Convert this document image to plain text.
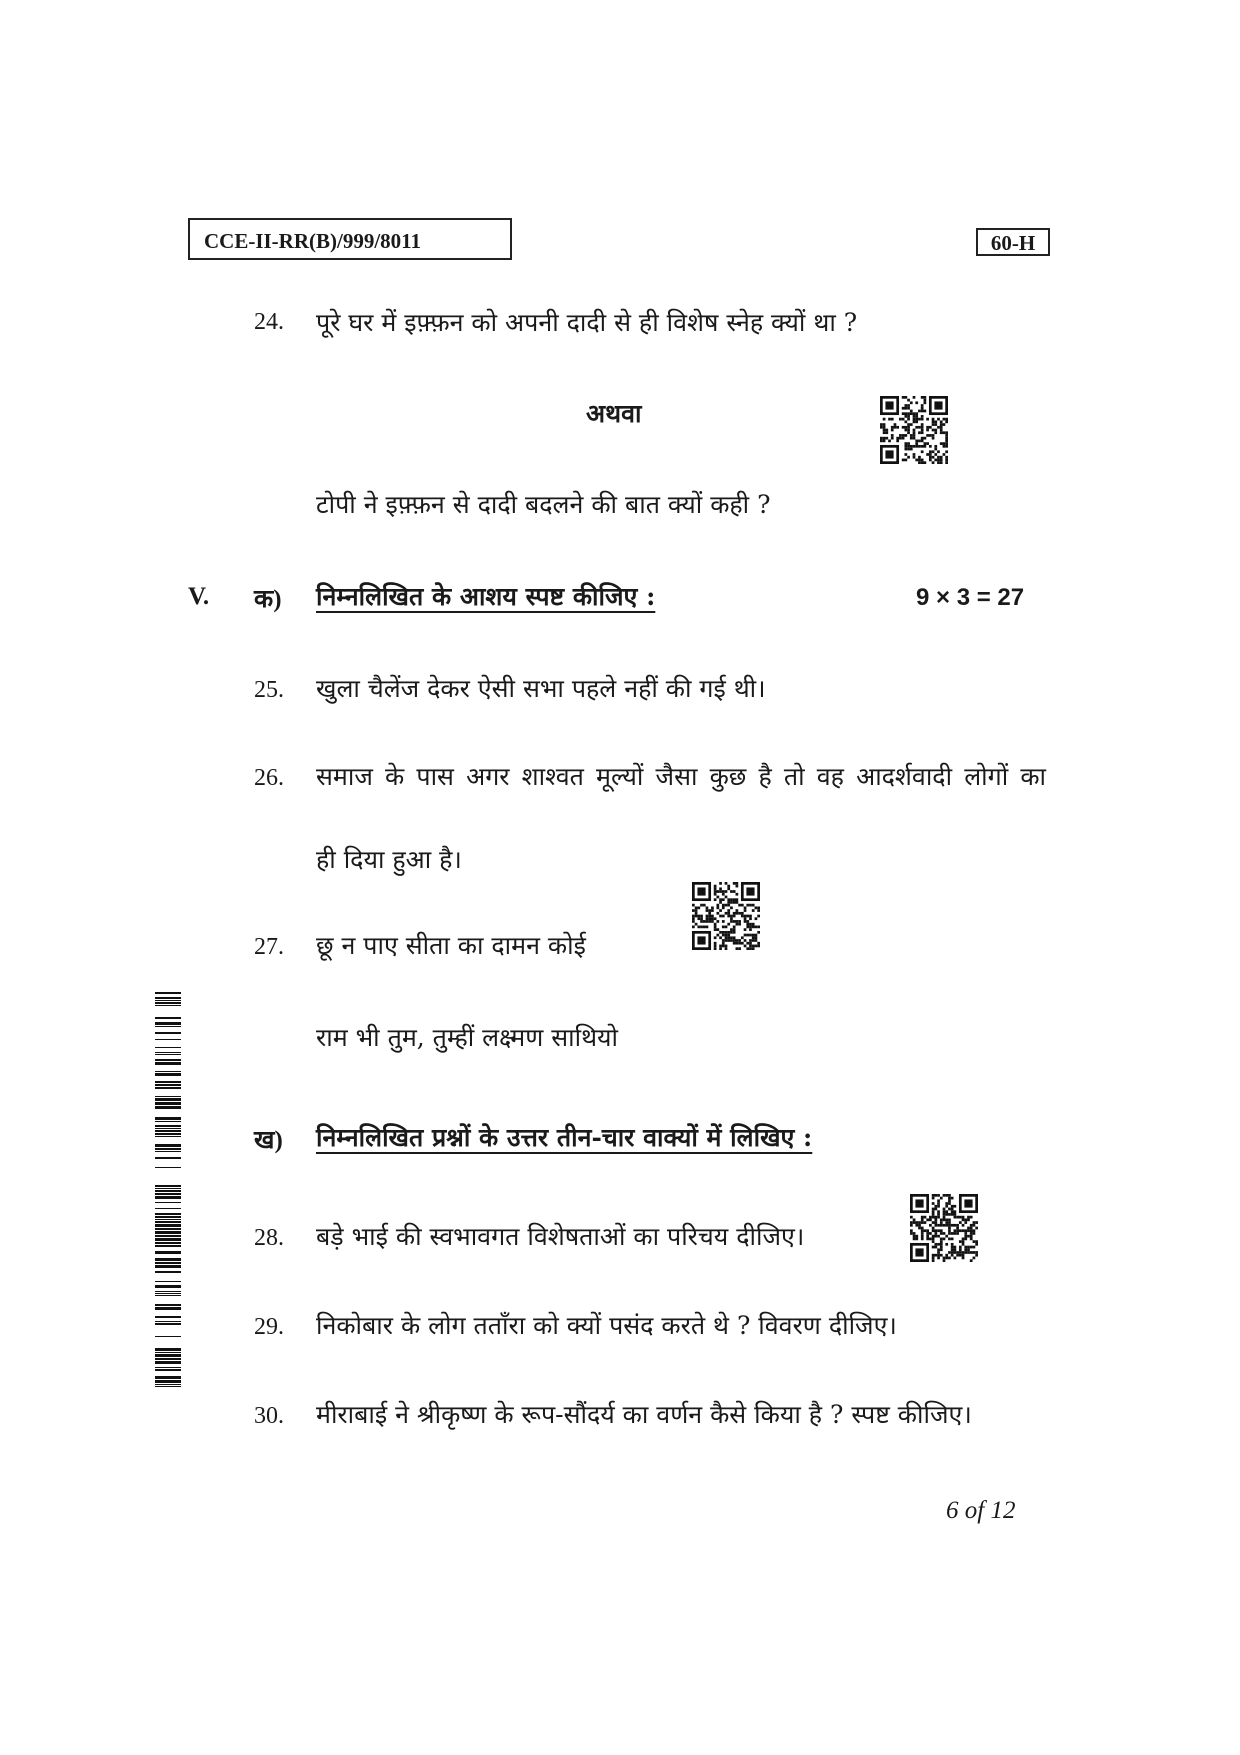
CCE-II-RR(B)/999/8011	60-H
24. पूरे घर में इफ़्फ़न को अपनी दादी से ही विशेष स्नेह क्यों था ?
अथवा
टोपी ने इफ़्फ़न से दादी बदलने की बात क्यों कही ?
V. क) निम्नलिखित के आशय स्पष्ट कीजिए :	9 × 3 = 27
25. खुला चैलेंज देकर ऐसी सभा पहले नहीं की गई थी।
26. समाज के पास अगर शाश्वत मूल्यों जैसा कुछ है तो वह आदर्शवादी लोगों का
ही दिया हुआ है।
27. छू न पाए सीता का दामन कोई
राम भी तुम, तुम्हीं लक्ष्मण साथियो
ख) निम्नलिखित प्रश्नों के उत्तर तीन-चार वाक्यों में लिखिए :
28. बड़े भाई की स्वभावगत विशेषताओं का परिचय दीजिए।
29. निकोबार के लोग तताँरा को क्यों पसंद करते थे ? विवरण दीजिए।
30. मीराबाई ने श्रीकृष्ण के रूप-सौंदर्य का वर्णन कैसे किया है ? स्पष्ट कीजिए।
6 of 12
